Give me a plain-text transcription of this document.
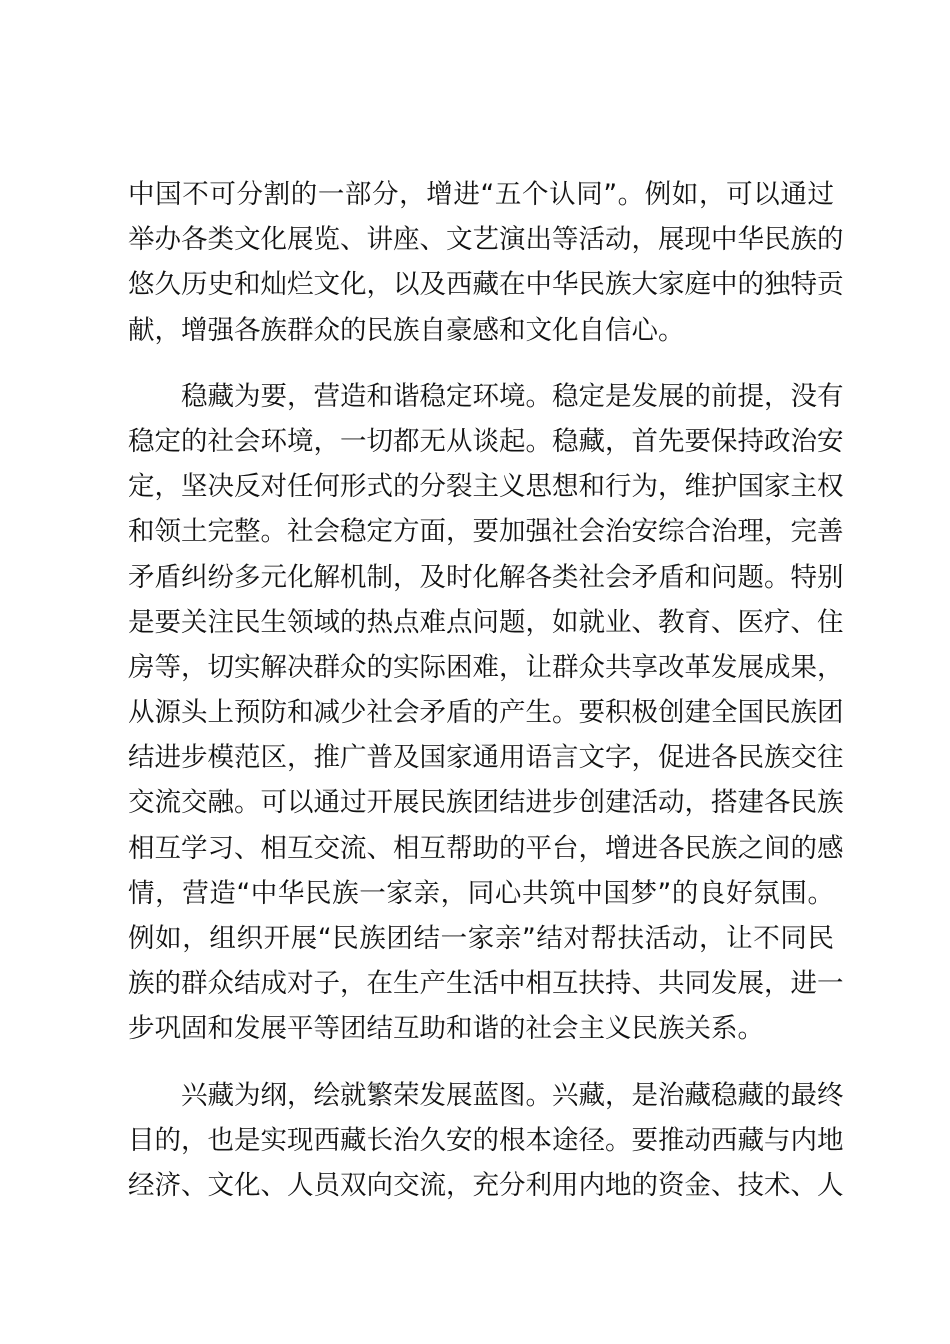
中国不可分割的一部分，增进“五个认同”。例如，可以通过
举办各类文化展览、讲座、文艺演出等活动，展现中华民族的
悠久历史和灿烂文化，以及西藏在中华民族大家庭中的独特贡
献，增强各族群众的民族自豪感和文化自信心。
稳藏为要，营造和谐稳定环境。稳定是发展的前提，没有
稳定的社会环境，一切都无从谈起。稳藏，首先要保持政治安
定，坚决反对任何形式的分裂主义思想和行为，维护国家主权
和领土完整。社会稳定方面，要加强社会治安综合治理，完善
矛盾纠纷多元化解机制，及时化解各类社会矛盾和问题。特别
是要关注民生领域的热点难点问题，如就业、教育、医疗、住
房等，切实解决群众的实际困难，让群众共享改革发展成果，
从源头上预防和减少社会矛盾的产生。要积极创建全国民族团
结进步模范区，推广普及国家通用语言文字，促进各民族交往
交流交融。可以通过开展民族团结进步创建活动，搭建各民族
相互学习、相互交流、相互帮助的平台，增进各民族之间的感
情，营造“中华民族一家亲，同心共筑中国梦”的良好氛围。
例如，组织开展“民族团结一家亲”结对帮扶活动，让不同民
族的群众结成对子，在生产生活中相互扶持、共同发展，进一
步巩固和发展平等团结互助和谐的社会主义民族关系。
兴藏为纲，绘就繁荣发展蓝图。兴藏，是治藏稳藏的最终
目的，也是实现西藏长治久安的根本途径。要推动西藏与内地
经济、文化、人员双向交流，充分利用内地的资金、技术、人
